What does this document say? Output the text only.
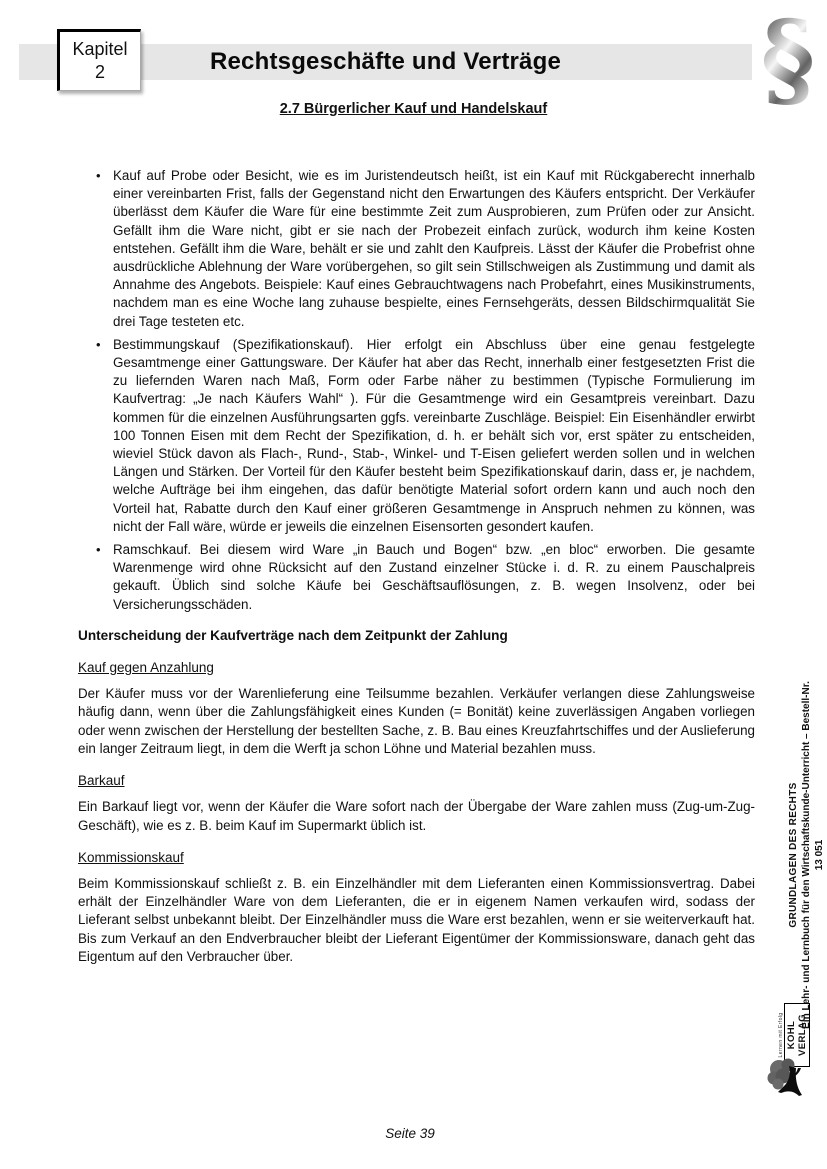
Rechtsgeschäfte und Verträge
Kapitel
2	§
2.7 Bürgerlicher Kauf und Handelskauf
• Kauf auf Probe oder Besicht, wie es im Juristendeutsch heißt, ist ein Kauf mit Rückgaberecht innerhalb einer vereinbarten Frist, falls der Gegenstand nicht den Erwartungen des Käufers entspricht. Der Verkäufer überlässt dem Käufer die Ware für eine bestimmte Zeit zum Ausprobieren, zum Prüfen oder zur Ansicht. Gefällt ihm die Ware nicht, gibt er sie nach der Probezeit einfach zurück, wodurch ihm keine Kosten entstehen. Gefällt ihm die Ware, behält er sie und zahlt den Kaufpreis. Lässt der Käufer die Probefrist ohne ausdrückliche Ablehnung der Ware vorübergehen, so gilt sein Stillschweigen als Zustimmung und damit als Annahme des Angebots. Beispiele: Kauf eines Gebrauchtwagens nach Probefahrt, eines Musikinstruments, nachdem man es eine Woche lang zuhause bespielte, eines Fernsehgeräts, dessen Bildschirmqualität Sie drei Tage testeten etc.
• Bestimmungskauf (Spezifikationskauf). Hier erfolgt ein Abschluss über eine genau festgelegte Gesamtmenge einer Gattungsware. Der Käufer hat aber das Recht, innerhalb einer festgesetzten Frist die zu liefernden Waren nach Maß, Form oder Farbe näher zu bestimmen (Typische Formulierung im Kaufvertrag: „Je nach Käufers Wahl“ ). Für die Gesamtmenge wird ein Gesamtpreis vereinbart. Dazu kommen für die einzelnen Ausführungsarten ggfs. vereinbarte Zuschläge. Beispiel: Ein Eisenhändler erwirbt 100 Tonnen Eisen mit dem Recht der Spezifikation, d. h. er behält sich vor, erst später zu entscheiden, wieviel Stück davon als Flach-, Rund-, Stab-, Winkel- und T-Eisen geliefert werden sollen und in welchen Längen und Stärken. Der Vorteil für den Käufer besteht beim Spezifikationskauf darin, dass er, je nachdem, welche Aufträge bei ihm eingehen, das dafür benötigte Material sofort ordern kann und auch noch den Vorteil hat, Rabatte durch den Kauf einer größeren Gesamtmenge in Anspruch nehmen zu können, was nicht der Fall wäre, würde er jeweils die einzelnen Eisensorten gesondert kaufen.
• Ramschkauf. Bei diesem wird Ware „in Bauch und Bogen“ bzw. „en bloc“ erworben. Die gesamte Warenmenge wird ohne Rücksicht auf den Zustand einzelner Stücke i. d. R. zu einem Pauschalpreis gekauft. Üblich sind solche Käufe bei Geschäftsauflösungen, z. B. wegen Insolvenz, oder bei Versicherungsschäden.
Unterscheidung der Kaufverträge nach dem Zeitpunkt der Zahlung
Kauf gegen Anzahlung

Der Käufer muss vor der Warenlieferung eine Teilsumme bezahlen. Verkäufer verlangen diese Zahlungsweise häufig dann, wenn über die Zahlungsfähigkeit eines Kunden (= Bonität) keine zuverlässigen Angaben vorliegen oder wenn zwischen der Herstellung der bestellten Sache, z. B. Bau eines Kreuzfahrtschiffes und der Auslieferung ein langer Zeitraum liegt, in dem die Werft ja schon Löhne und Material bezahlen muss.

Barkauf

Ein Barkauf liegt vor, wenn der Käufer die Ware sofort nach der Übergabe der Ware zahlen muss (Zug-um-Zug-Geschäft), wie es z. B. beim Kauf im Supermarkt üblich ist.

Kommissionskauf

Beim Kommissionskauf schließt z. B. ein Einzelhändler mit dem Lieferanten einen Kommissionsvertrag. Dabei erhält der Einzelhändler Ware von dem Lieferanten, die er in eigenem Namen verkaufen wird, sodass der Lieferant selbst unbekannt bleibt. Der Einzelhändler muss die Ware erst bezahlen, wenn er sie weiterverkauft hat. Bis zum Verkauf an den Endverbraucher bleibt der Lieferant Eigentümer der Kommissionsware, danach geht das Eigentum auf den Verbraucher über.

GRUNDLAGEN DES RECHTS Ein Lehr- und Lernbuch für den Wirtschaftskunde-Unterricht – Bestell-Nr. 13 051
Lernen mit Erfolg KOHL VERLAG
Seite 39
